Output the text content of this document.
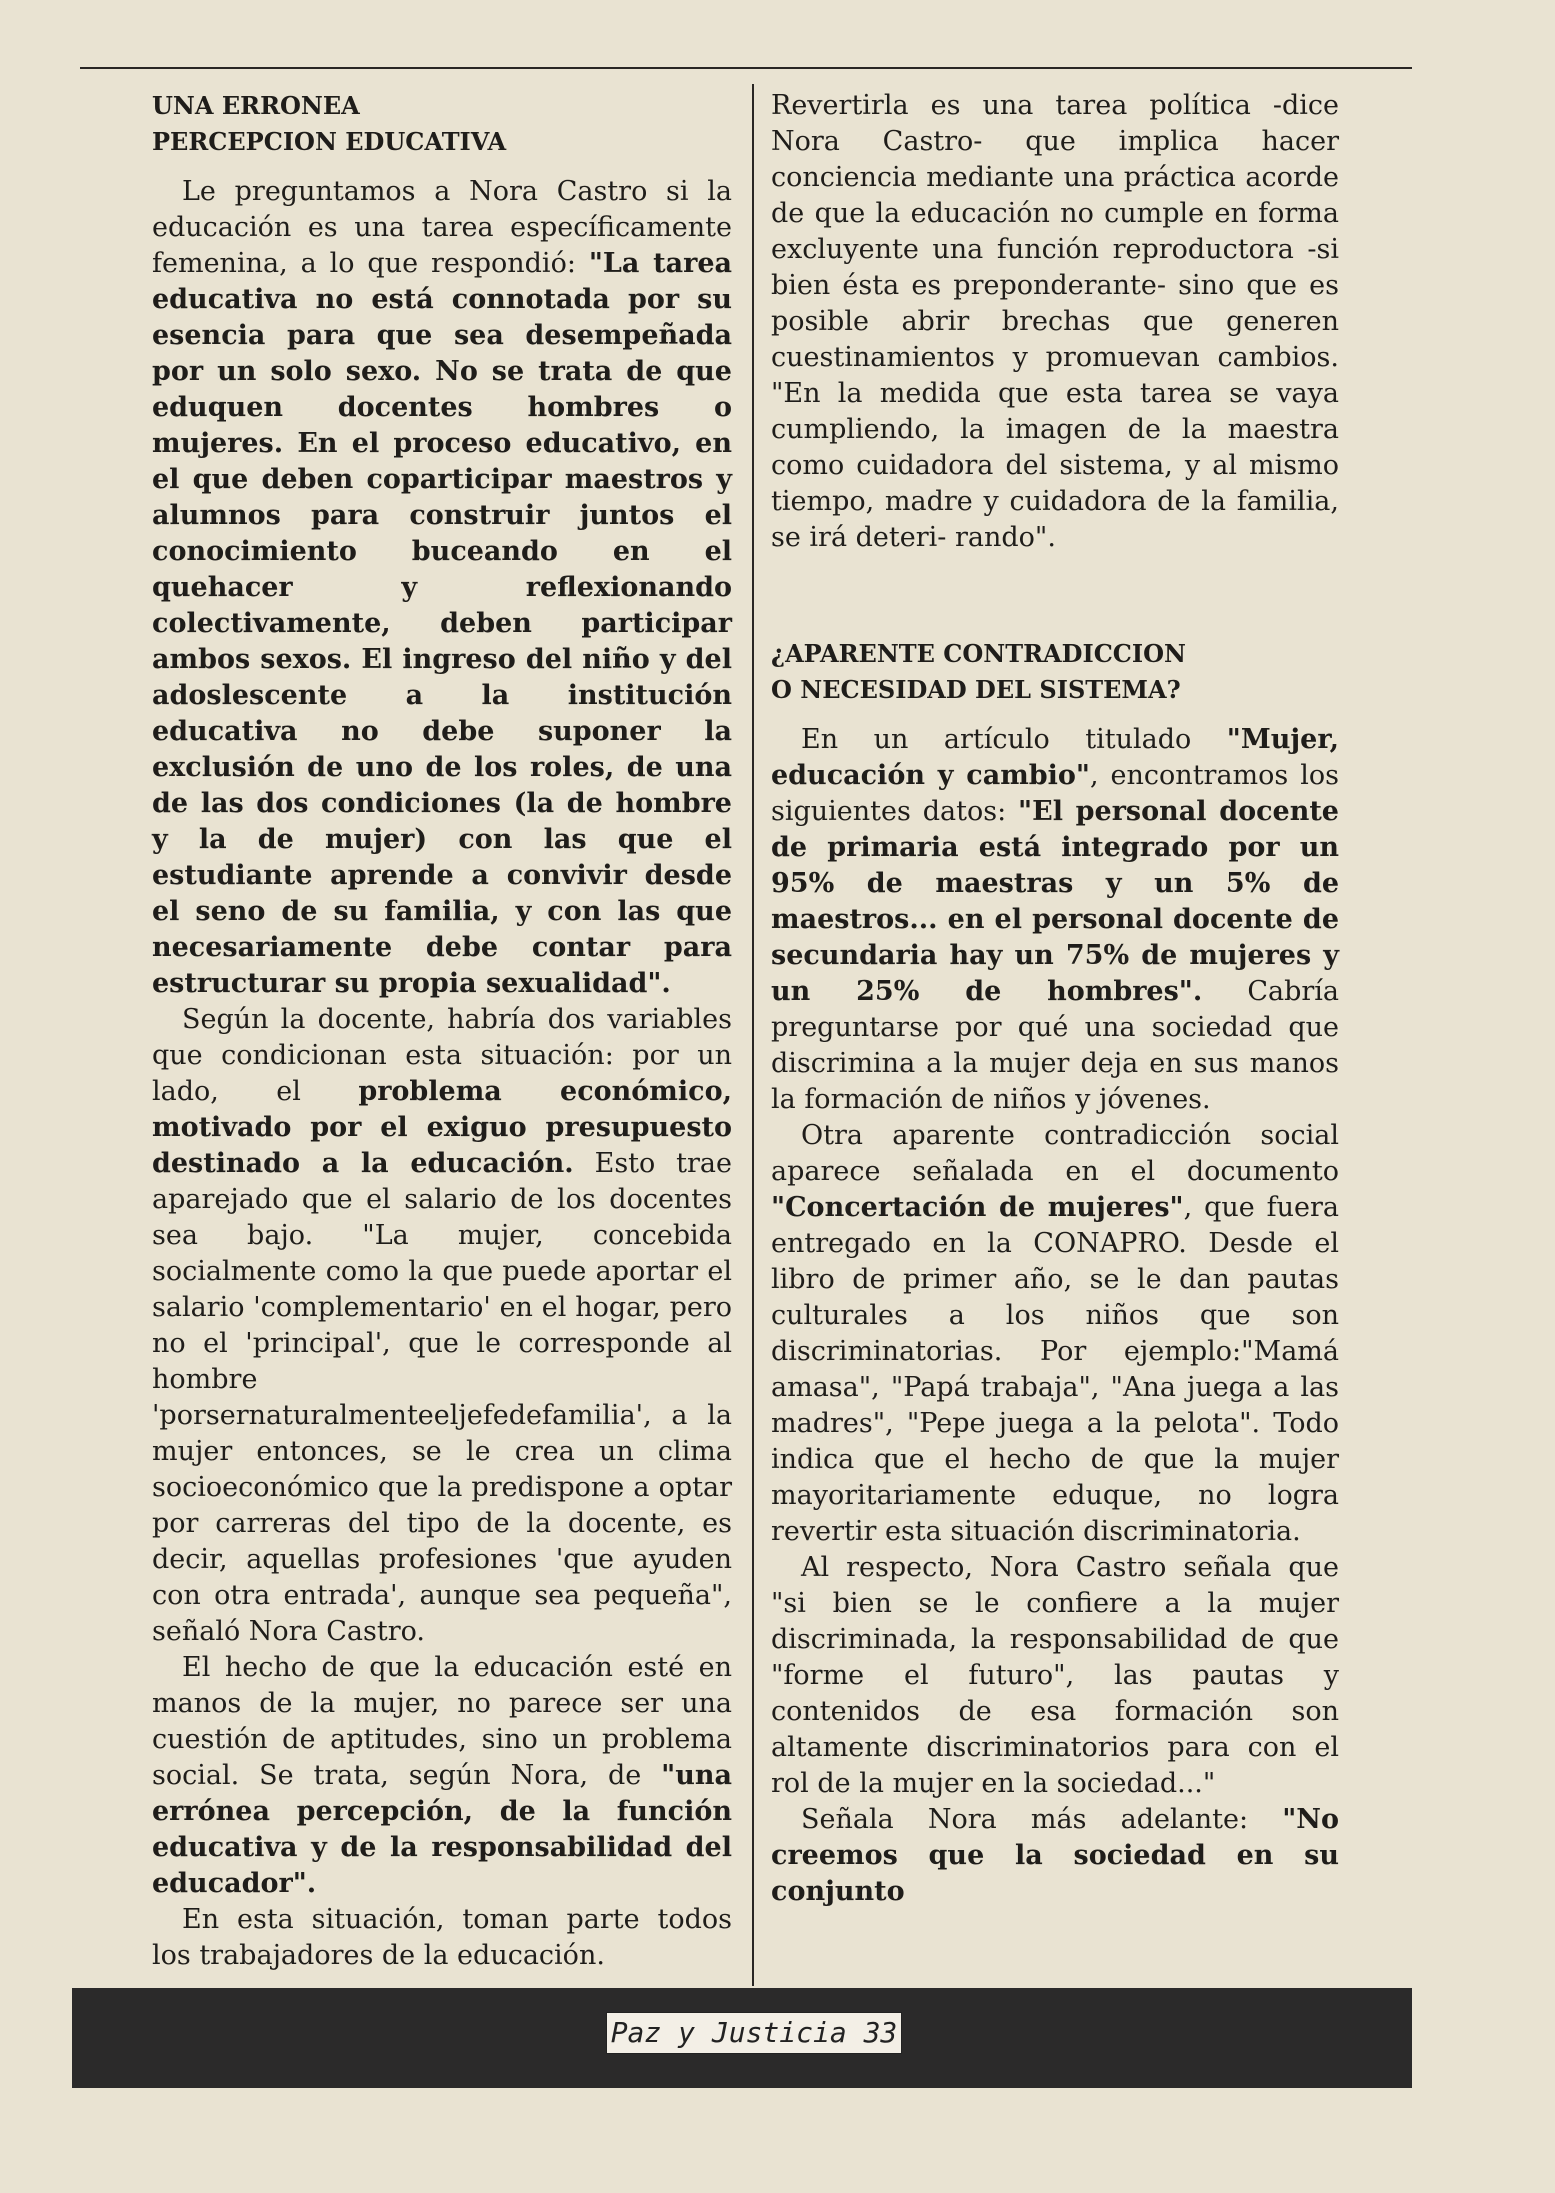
UNA ERRONEA
PERCEPCION EDUCATIVA

Le preguntamos a Nora Castro si la educación es una tarea específicamente femenina, a lo que respondió: "La tarea educativa no está connotada por su esencia para que sea desempeñada por un solo sexo. No se trata de que eduquen docentes hombres o mujeres. En el proceso educativo, en el que deben coparticipar maestros y alumnos para construir juntos el conocimiento buceando en el quehacer y reflexionando colectivamente, deben participar ambos sexos. El ingreso del niño y del adoslescente a la institución educativa no debe suponer la exclusión de uno de los roles, de una de las dos condiciones (la de hombre y la de mujer) con las que el estudiante aprende a convivir desde el seno de su familia, y con las que necesariamente debe contar para estructurar su propia sexualidad".

Según la docente, habría dos variables que condicionan esta situación: por un lado, el problema económico, motivado por el exiguo presupuesto destinado a la educación. Esto trae aparejado que el salario de los docentes sea bajo. "La mujer, concebida socialmente como la que puede aportar el salario 'complementario' en el hogar, pero no el 'principal', que le corresponde al hombre 'porsernaturalmenteeljefedefamilia', a la mujer entonces, se le crea un clima socioeconómico que la predispone a optar por carreras del tipo de la docente, es decir, aquellas profesiones 'que ayuden con otra entrada', aunque sea pequeña", señaló Nora Castro.

El hecho de que la educación esté en manos de la mujer, no parece ser una cuestión de aptitudes, sino un problema social. Se trata, según Nora, de "una errónea percepción, de la función educativa y de la responsabilidad del educador".

En esta situación, toman parte todos los trabajadores de la educación.

Revertirla es una tarea política -dice Nora Castro- que implica hacer conciencia mediante una práctica acorde de que la educación no cumple en forma excluyente una función reproductora -si bien ésta es preponderante- sino que es posible abrir brechas que generen cuestinamientos y promuevan cambios. "En la medida que esta tarea se vaya cumpliendo, la imagen de la maestra como cuidadora del sistema, y al mismo tiempo, madre y cuidadora de la familia, se irá deteri- rando".

¿APARENTE CONTRADICCION
O NECESIDAD DEL SISTEMA?

En un artículo titulado "Mujer, educación y cambio", encontramos los siguientes datos: "El personal docente de primaria está integrado por un 95% de maestras y un 5% de maestros... en el personal docente de secundaria hay un 75% de mujeres y un 25% de hombres". Cabría preguntarse por qué una sociedad que discrimina a la mujer deja en sus manos la formación de niños y jóvenes.

Otra aparente contradicción social aparece señalada en el documento "Concertación de mujeres", que fuera entregado en la CONAPRO. Desde el libro de primer año, se le dan pautas culturales a los niños que son discriminatorias. Por ejemplo:"Mamá amasa", "Papá trabaja", "Ana juega a las madres", "Pepe juega a la pelota". Todo indica que el hecho de que la mujer mayoritariamente eduque, no logra revertir esta situación discriminatoria.

Al respecto, Nora Castro señala que "si bien se le confiere a la mujer discriminada, la responsabilidad de que "forme el futuro", las pautas y contenidos de esa formación son altamente discriminatorios para con el rol de la mujer en la sociedad..."

Señala Nora más adelante: "No creemos que la sociedad en su conjunto

Paz y Justicia 33
